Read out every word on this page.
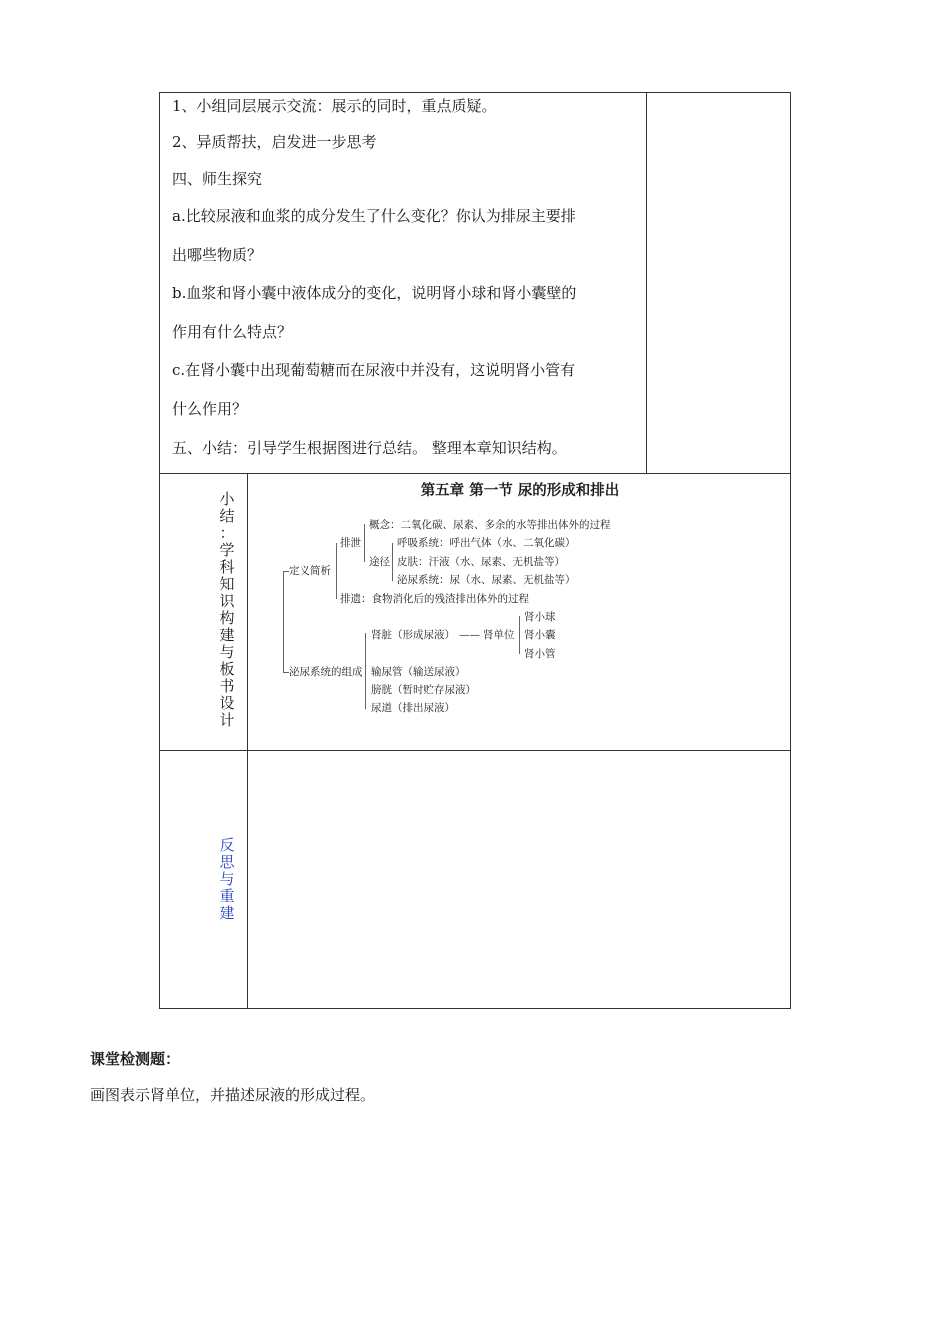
1、小组同层展示交流：展示的同时，重点质疑。
2、异质帮扶，启发进一步思考
四、师生探究
a.比较尿液和血浆的成分发生了什么变化？你认为排尿主要排
出哪些物质？
b.血浆和肾小囊中液体成分的变化，说明肾小球和肾小囊壁的
作用有什么特点？
c.在肾小囊中出现葡萄糖而在尿液中并没有，这说明肾小管有
什么作用？
五、小结：引导学生根据图进行总结。 整理本章知识结构。
小
结
：
学
科
知
识
构
建
与
板
书
设
计
第五章 第一节 尿的形成和排出
定义简析
排泄
概念：二氧化碳、尿素、多余的水等排出体外的过程
途径
呼吸系统：呼出气体（水、二氧化碳）
皮肤：汗液（水、尿素、无机盐等）
泌尿系统：尿（水、尿素、无机盐等）
排遗：食物消化后的残渣排出体外的过程
泌尿系统的组成
肾脏（形成尿液） —— 肾单位
肾小球
肾小囊
肾小管
输尿管（输送尿液）
膀胱（暂时贮存尿液）
尿道（排出尿液）
反
思
与
重
建
课堂检测题：
画图表示肾单位，并描述尿液的形成过程。
